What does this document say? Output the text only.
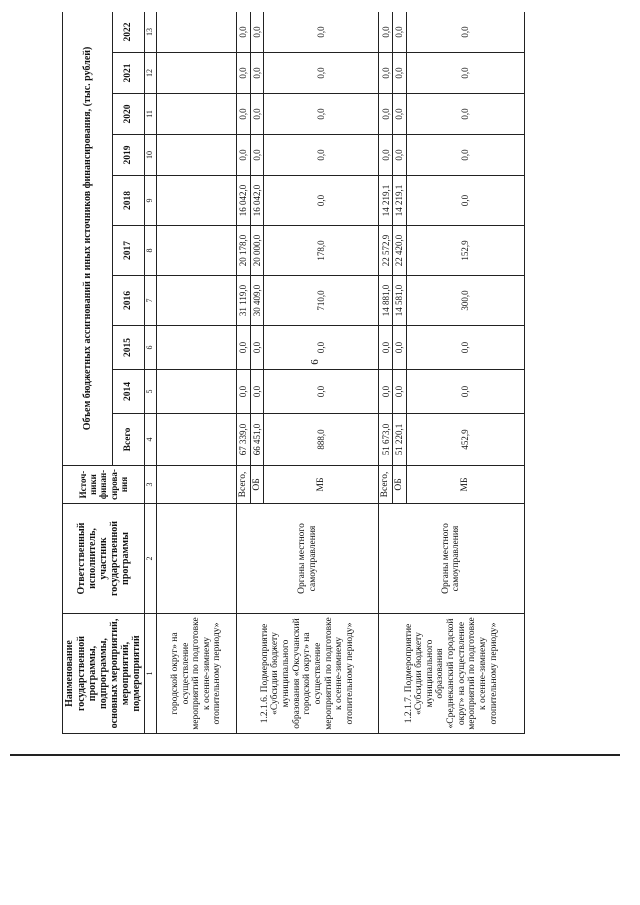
6
Наименование государственной программы, подпрограммы, основных мероприятий, мероприятий, подмероприятий	Ответственный исполнитель, участник государственной программы	Источ-ники финан-сирова-ния	Объем бюджетных ассигнований и иных источников финансирования, (тыс. рублей)									
			Всего	2014	2015	2016	2017	2018	2019	2020	2021	2022
1	2	3	4	5	6	7	8	9	10	11	12	13
городской округ» на осуществление мероприятий по подготовке к осенне-зимнему отопительному периоду»												
1.2.1.6. Подмероприятие «Субсидии бюджету муниципального образования «Оксучанский городской округ» на осуществление мероприятий по подготовке к осенне-зимнему отопительному периоду»	Органы местного самоуправления	Всего,	67 339,0	0,0	0,0	31 119,0	20 178,0	16 042,0	0,0	0,0	0,0	0,0
		ОБ	66 451,0	0,0	0,0	30 409,0	20 000,0	16 042,0	0,0	0,0	0,0	0,0
		МБ	888,0	0,0	0,0	710,0	178,0	0,0	0,0	0,0	0,0	0,0
1.2.1.7. Подмероприятие «Субсидии бюджету муниципального образования «Среднеканский городской округ» на осуществление мероприятий по подготовке к осенне-зимнему отопительному периоду»	Органы местного самоуправления	Всего,	51 673,0	0,0	0,0	14 881,0	22 572,9	14 219,1	0,0	0,0	0,0	0,0
		ОБ	51 220,1	0,0	0,0	14 581,0	22 420,0	14 219,1	0,0	0,0	0,0	0,0
		МБ	452,9	0,0	0,0	300,0	152,9	0,0	0,0	0,0	0,0	0,0
